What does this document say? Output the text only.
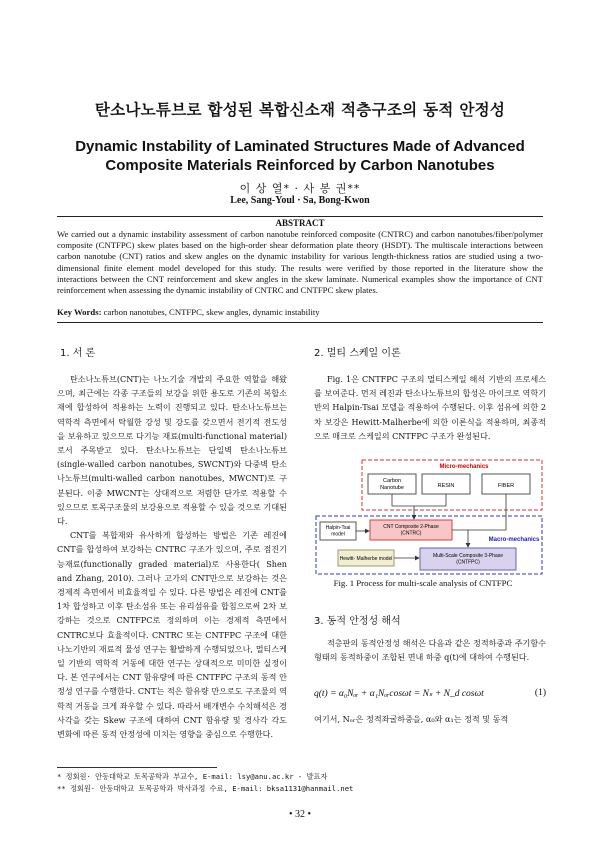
탄소나노튜브로 합성된 복합신소재 적층구조의 동적 안정성
Dynamic Instability of Laminated Structures Made of Advanced Composite Materials Reinforced by Carbon Nanotubes
이 상 열* · 사 봉 권**
Lee, Sang-Youl · Sa, Bong-Kwon
ABSTRACT
We carried out a dynamic instability assessment of carbon nanotube reinforced composite (CNTRC) and carbon nanotubes/fiber/polymer composite (CNTFPC) skew plates based on the high-order shear deformation plate theory (HSDT). The multiscale interactions between carbon nanotube (CNT) ratios and skew angles on the dynamic instability for various length-thickness ratios are studied using a two-dimensional finite element model developed for this study. The results were verified by those reported in the literature show the interactions between the CNT reinforcement and skew angles in the skew laminate. Numerical examples show the importance of CNT reinforcement when assessing the dynamic instability of CNTRC and CNTFPC skew plates.
Key Words: carbon nanotubes, CNTFPC, skew angles, dynamic instability
1. 서 론

탄소나노튜브(CNT)는 나노기술 개발의 주요한 역할을 해왔으며, 최근에는 각종 구조들의 보강을 위한 용도로 기존의 복합소재에 합성하여 적용하는 노력이 진행되고 있다. 탄소나노튜브는 역학적 측면에서 탁월한 강성 및 강도를 갖으면서 전기적 전도성을 보유하고 있으므로 다기능 재료(multi-functional material)로서 주목받고 있다. 탄소나노튜브는 단일벽 탄소나노튜브(single-walled carbon nanotubes, SWCNT)와 다중벽 탄소나노튜브(multi-walled carbon nanotubes, MWCNT)로 구분된다. 이중 MWCNT는 상대적으로 저렴한 단가로 적용할 수 있으므로 토목구조물의 보강용으로 적용할 수 있을 것으로 기대된다.

CNT를 복합재와 유사하게 합성하는 방법은 기존 레진에 CNT를 합성하여 보강하는 CNTRC 구조가 있으며, 주로 점진기능재료(functionally graded material)로 사용한다( Shen and Zhang, 2010). 그러나 고가의 CNT만으로 보강하는 것은 경제적 측면에서 비효율적일 수 있다. 다른 방법은 레진에 CNT를 1차 합성하고 이후 탄소섬유 또는 유리섬유를 합침으로써 2차 보강하는 것으로 CNTFPC로 정의하며 이는 경제적 측면에서 CNTRC보다 효율적이다. CNTRC 또는 CNTFPC 구조에 대한 나노기반의 재료적 물성 연구는 활발하게 수행되었으나, 멀티스케일 기반의 역학적 거동에 대한 연구는 상대적으로 미미한 실정이다. 본 연구에서는 CNT 함유량에 따른 CNTFPC 구조의 동적 안정성 연구를 수행한다. CNT는 적은 함유량 만으로도 구조물의 역학적 거동을 크게 좌우할 수 있다. 따라서 배개변수 수치해석은 경사각을 갖는 Skew 구조에 대하여 CNT 함유량 및 경사각 각도 변화에 따른 동적 안정성에 미치는 영향을 중심으로 수행한다.

2. 멀티 스케일 이론

Fig. 1은 CNTFPC 구조의 멀티스케일 해석 기반의 프로세스를 보여준다. 먼저 레진과 탄소나노튜브의 합성은 마이크로 역학기반의 Halpin-Tsai 모델을 적용하여 수행된다. 이후 섬유에 의한 2차 보강은 Hewitt-Malherbe에 의한 이론식을 적용하며, 최종적으로 매크로 스케일의 CNTFPC 구조가 완성된다.

Micro-mechanics
Macro-mechanics
Carbon Nanotube	RESIN	FIBER
Halpin-Tsai model
CNT Composite 2-Phase (CNTRC)
Hewitt- Malherbe model	Multi-Scale Composite 3-Phase (CNTFPC)
Fig. 1 Process for multi-scale analysis of CNTFPC
3. 동적 안정성 해석

적층판의 동적안정성 해석은 다음과 같은 정적하중과 주기함수형태의 동적하중이 조합된 면내 하중 q(t)에 대하여 수행된다.

q(t) = α₀Nₒᵣ + α₁Nₒᵣcosωt = Nₛ + N_d cosωt	(1)

여기서, Nₒᵣ은 정적좌굴하중을, α₀와 α₁는 정적 및 동적

* 정회원· 안동대학교 토목공학과 부교수, E-mail: lsy@anu.ac.kr - 발표자
** 정회원· 안동대학교 토목공학과 박사과정 수료, E-mail: bksa1131@hanmail.net
• 32 •
